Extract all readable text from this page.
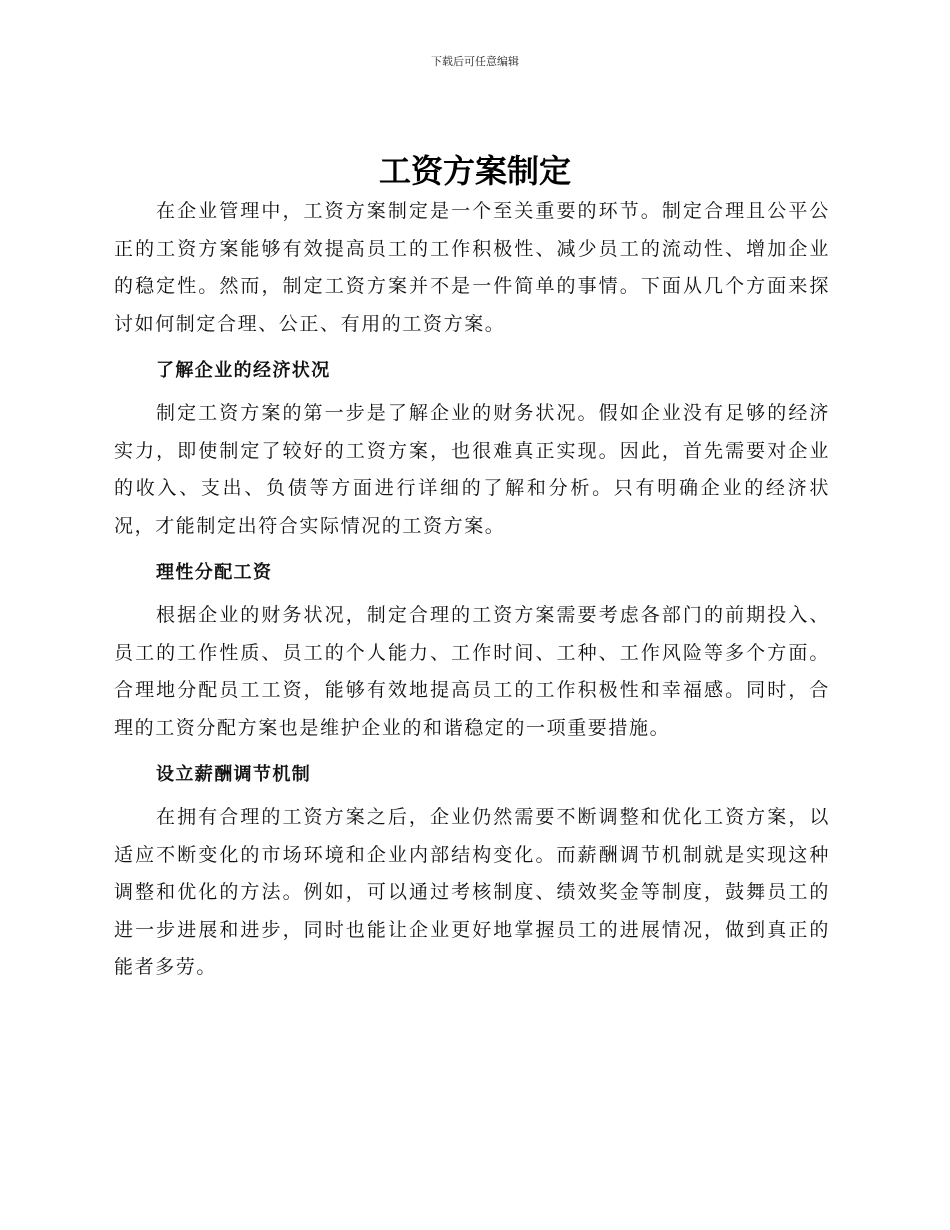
下载后可任意编辑
工资方案制定

在企业管理中，工资方案制定是一个至关重要的环节。制定合理且公平公正的工资方案能够有效提高员工的工作积极性、减少员工的流动性、增加企业的稳定性。然而，制定工资方案并不是一件简单的事情。下面从几个方面来探讨如何制定合理、公正、有用的工资方案。

了解企业的经济状况

制定工资方案的第一步是了解企业的财务状况。假如企业没有足够的经济实力，即使制定了较好的工资方案，也很难真正实现。因此，首先需要对企业的收入、支出、负债等方面进行详细的了解和分析。只有明确企业的经济状况，才能制定出符合实际情况的工资方案。

理性分配工资

根据企业的财务状况，制定合理的工资方案需要考虑各部门的前期投入、员工的工作性质、员工的个人能力、工作时间、工种、工作风险等多个方面。合理地分配员工工资，能够有效地提高员工的工作积极性和幸福感。同时，合理的工资分配方案也是维护企业的和谐稳定的一项重要措施。

设立薪酬调节机制

在拥有合理的工资方案之后，企业仍然需要不断调整和优化工资方案，以适应不断变化的市场环境和企业内部结构变化。而薪酬调节机制就是实现这种调整和优化的方法。例如，可以通过考核制度、绩效奖金等制度，鼓舞员工的进一步进展和进步，同时也能让企业更好地掌握员工的进展情况，做到真正的能者多劳。
